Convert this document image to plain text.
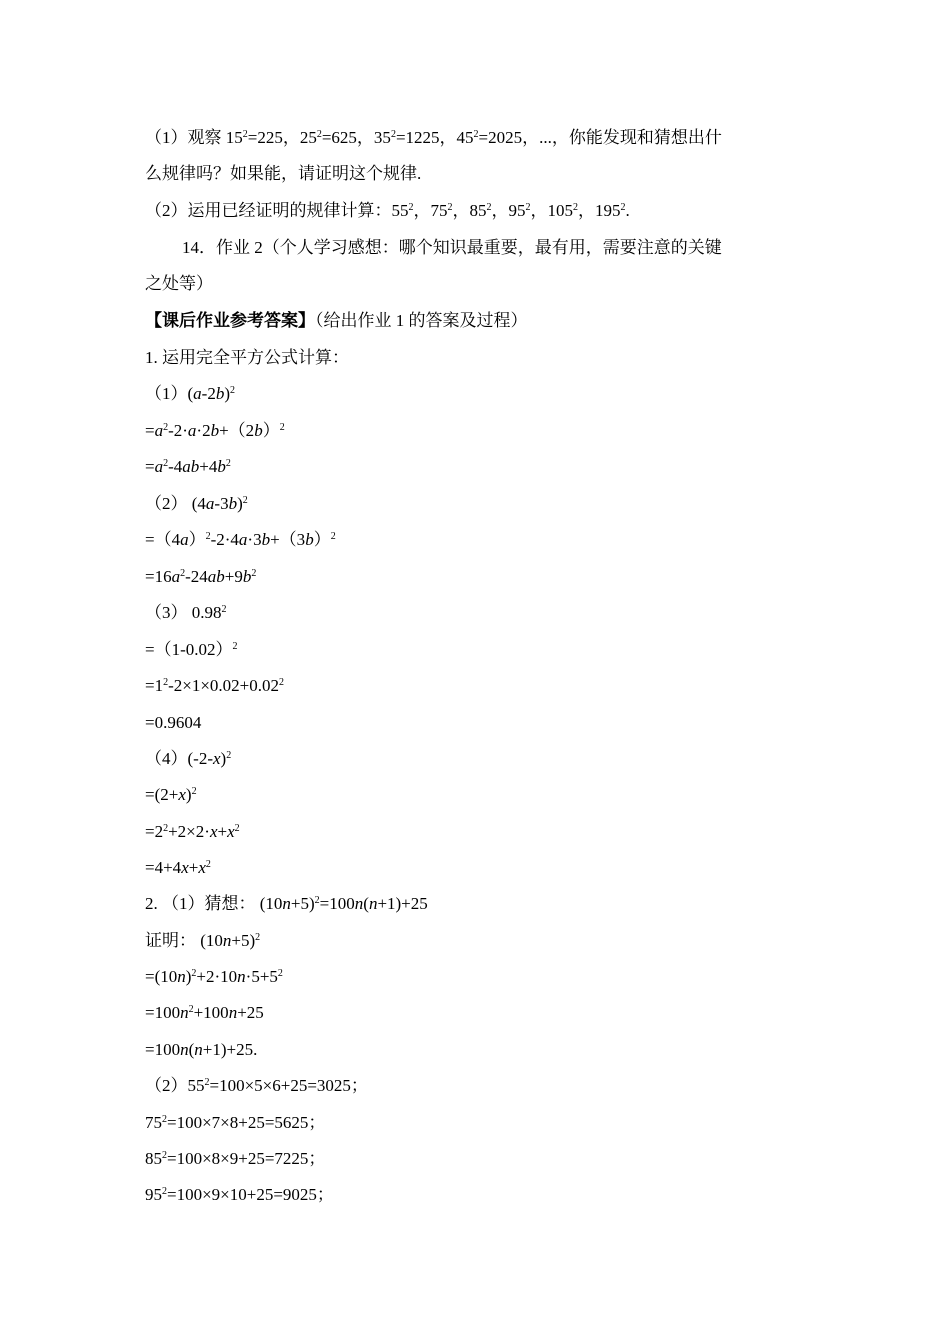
（1）观察 $15^2=225$，$25^2=625$，$35^2=1225$，$45^2=2025$，...，你能发现和猜想出什
么规律吗？如果能，请证明这个规律.
（2）运用已经证明的规律计算：$55^2$，$75^2$，$85^2$，$95^2$，$105^2$，$195^2$.
14．作业 2（个人学习感想：哪个知识最重要，最有用，需要注意的关键
之处等）
【课后作业参考答案】（给出作业 1 的答案及过程）
1. 运用完全平方公式计算：
$(1)(a-2b)^2$
$=a^2-2\cdot a\cdot 2b+(2b)^2$
$=a^2-4ab+4b^2$
（2） $(4a-3b)^2$
$=(4a)^2-2\cdot 4a\cdot 3b+(3b)^2$
$=16a^2-24ab+9b^2$
（3） $0.98^2$
$=(1-0.02)^2$
$=1^2-2\times 1\times 0.02+0.02^2$
=0.9604
$(4)(-2-x)^2$
$=(2+x)^2$
$=2^2+2\times 2\cdot x+x^2$
$=4+4x+x^2$
2. （1）猜想： $(10n+5)^2=100n(n+1)+25$
证明： $(10n+5)^2$
$=(10n)^2+2\cdot 10n\cdot 5+5^2$
$=100n^2+100n+25$
=100n(n+1)+25.
$(2)55^2=100\times 5\times 6+25=3025$；
$75^2=100\times 7\times 8+25=5625$；
$85^2=100\times 8\times 9+25=7225$；
$95^2=100\times 9\times 10+25=9025$；
